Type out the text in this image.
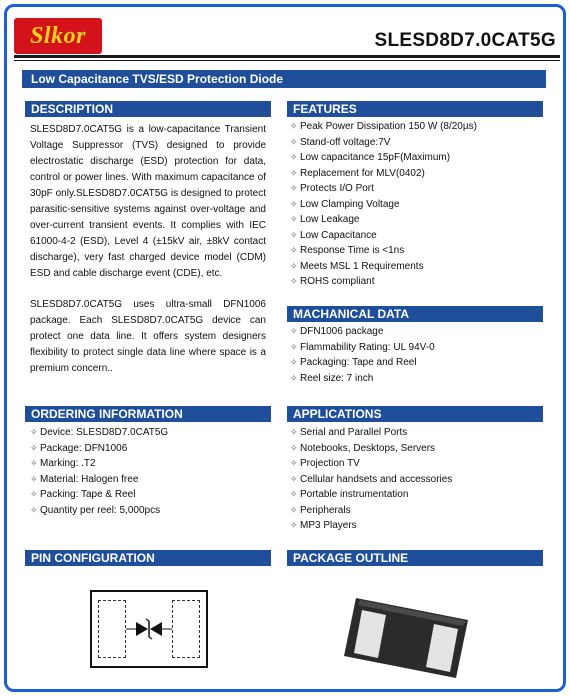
Slkor	SLESD8D7.0CAT5G
Low Capacitance TVS/ESD Protection Diode
DESCRIPTION

SLESD8D7.0CAT5G is a low-capacitance Transient Voltage Suppressor (TVS) designed to provide electrostatic discharge (ESD) protection for data, control or power lines. With maximum capacitance of 30pF only.SLESD8D7.0CAT5G is designed to protect parasitic-sensitive systems against over-voltage and over-current transient events. It complies with IEC 61000-4-2 (ESD), Level 4 (±15kV air, ±8kV contact discharge), very fast charged device model (CDM) ESD and cable discharge event (CDE), etc.

SLESD8D7.0CAT5G uses ultra-small DFN1006 package. Each SLESD8D7.0CAT5G device can protect one data line. It offers system designers flexibility to protect single data line where space is a premium concern..

FEATURES
✧ Peak Power Dissipation 150 W (8/20µs)
✧ Stand-off voltage:7V
✧ Low capacitance 15pF(Maximum)
✧ Replacement for MLV(0402)
✧ Protects I/O Port
✧ Low Clamping Voltage
✧ Low Leakage
✧ Low Capacitance
✧ Response Time is <1ns
✧ Meets MSL 1 Requirements
✧ ROHS compliant
MACHANICAL DATA
✧ DFN1006 package
✧ Flammability Rating: UL 94V-0
✧ Packaging: Tape and Reel
✧ Reel size: 7 inch
ORDERING INFORMATION
✧ Device: SLESD8D7.0CAT5G
✧ Package: DFN1006
✧ Marking: .T2
✧ Material: Halogen free
✧ Packing: Tape & Reel
✧ Quantity per reel: 5,000pcs
APPLICATIONS
✧ Serial and Parallel Ports
✧ Notebooks, Desktops, Servers
✧ Projection TV
✧ Cellular handsets and accessories
✧ Portable instrumentation
✧ Peripherals
✧ MP3 Players
PIN CONFIGURATION	PACKAGE OUTLINE
